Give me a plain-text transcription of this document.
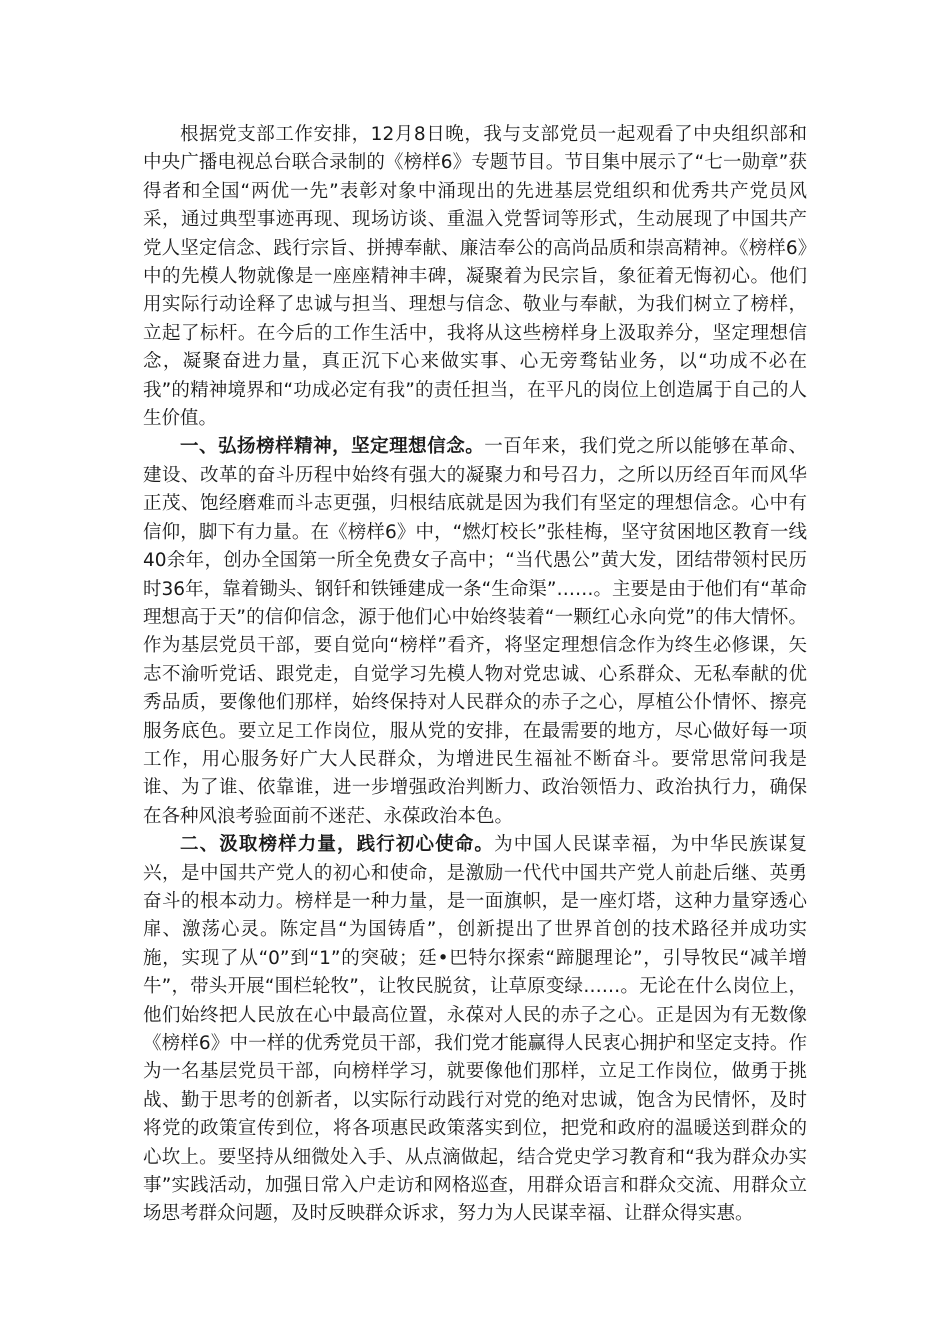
根据党支部工作安排，12月8日晚，我与支部党员一起观看了中央组织部和中央广播电视总台联合录制的《榜样6》专题节目。节目集中展示了“七一勋章”获得者和全国“两优一先”表彰对象中涌现出的先进基层党组织和优秀共产党员风采，通过典型事迹再现、现场访谈、重温入党誓词等形式，生动展现了中国共产党人坚定信念、践行宗旨、拼搏奉献、廉洁奉公的高尚品质和崇高精神。《榜样6》中的先模人物就像是一座座精神丰碑，凝聚着为民宗旨，象征着无悔初心。他们用实际行动诠释了忠诚与担当、理想与信念、敬业与奉献，为我们树立了榜样，立起了标杆。在今后的工作生活中，我将从这些榜样身上汲取养分，坚定理想信念，凝聚奋进力量，真正沉下心来做实事、心无旁骛钻业务，以“功成不必在我”的精神境界和“功成必定有我”的责任担当，在平凡的岗位上创造属于自己的人生价值。

一、弘扬榜样精神，坚定理想信念。一百年来，我们党之所以能够在革命、建设、改革的奋斗历程中始终有强大的凝聚力和号召力，之所以历经百年而风华正茂、饱经磨难而斗志更强，归根结底就是因为我们有坚定的理想信念。心中有信仰，脚下有力量。在《榜样6》中，“燃灯校长”张桂梅，坚守贫困地区教育一线40余年，创办全国第一所全免费女子高中；“当代愚公”黄大发，团结带领村民历时36年，靠着锄头、钢钎和铁锤建成一条“生命渠”……。主要是由于他们有“革命理想高于天”的信仰信念，源于他们心中始终装着“一颗红心永向党”的伟大情怀。作为基层党员干部，要自觉向“榜样”看齐，将坚定理想信念作为终生必修课，矢志不渝听党话、跟党走，自觉学习先模人物对党忠诚、心系群众、无私奉献的优秀品质，要像他们那样，始终保持对人民群众的赤子之心，厚植公仆情怀、擦亮服务底色。要立足工作岗位，服从党的安排，在最需要的地方，尽心做好每一项工作，用心服务好广大人民群众，为增进民生福祉不断奋斗。要常思常问我是谁、为了谁、依靠谁，进一步增强政治判断力、政治领悟力、政治执行力，确保在各种风浪考验面前不迷茫、永葆政治本色。

二、汲取榜样力量，践行初心使命。为中国人民谋幸福，为中华民族谋复兴，是中国共产党人的初心和使命，是激励一代代中国共产党人前赴后继、英勇奋斗的根本动力。榜样是一种力量，是一面旗帜，是一座灯塔，这种力量穿透心扉、激荡心灵。陈定昌“为国铸盾”，创新提出了世界首创的技术路径并成功实施，实现了从“0”到“1”的突破；廷•巴特尔探索“蹄腿理论”，引导牧民“减羊增牛”，带头开展“围栏轮牧”，让牧民脱贫，让草原变绿……。无论在什么岗位上，他们始终把人民放在心中最高位置，永葆对人民的赤子之心。正是因为有无数像《榜样6》中一样的优秀党员干部，我们党才能赢得人民衷心拥护和坚定支持。作为一名基层党员干部，向榜样学习，就要像他们那样，立足工作岗位，做勇于挑战、勤于思考的创新者，以实际行动践行对党的绝对忠诚，饱含为民情怀，及时将党的政策宣传到位，将各项惠民政策落实到位，把党和政府的温暖送到群众的心坎上。要坚持从细微处入手、从点滴做起，结合党史学习教育和“我为群众办实事”实践活动，加强日常入户走访和网格巡查，用群众语言和群众交流、用群众立场思考群众问题，及时反映群众诉求，努力为人民谋幸福、让群众得实惠。
